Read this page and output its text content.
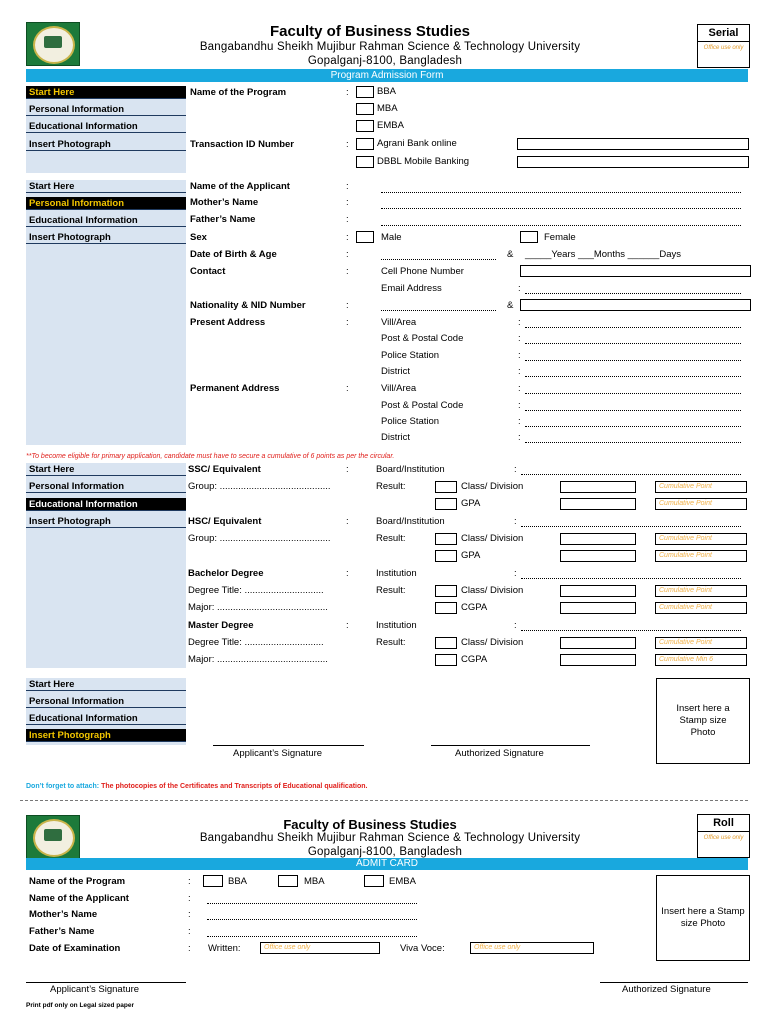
Faculty of Business Studies
Bangabandhu Sheikh Mujibur Rahman Science & Technology University
Gopalganj-8100, Bangladesh
Serial
Office use only
Program Admission Form
Start Here
Personal Information
Educational Information
Insert Photograph
Name of the Program	:	BBA
MBA
EMBA
Transaction ID Number	:	Agrani Bank online
DBBL Mobile Banking
Start Here
Personal Information
Educational Information
Insert Photograph
Name of the Applicant	:
Mother’s Name	:
Father’s Name	:
Sex	:	Male	Female
Date of Birth & Age	:	& _____Years ___Months ______Days
Contact	:	Cell Phone Number
Email Address	:
Nationality & NID Number	:	&
Present Address	:	Vill/Area	:
Post & Postal Code	:
Police Station	:
District	:
Permanent Address	:	Vill/Area	:
Post & Postal Code	:
Police Station	:
District	:
**To become eligible for primary application, candidate must have to secure a cumulative of 6 points as per the circular.
Start Here
Personal Information
Educational Information
Insert Photograph
SSC/ Equivalent	:	Board/Institution	:
Group: ..........................................	Result:	Class/ Division	Cumulative Point
GPA	Cumulative Point
HSC/ Equivalent	:	Board/Institution	:
Group: ..........................................	Result:	Class/ Division	Cumulative Point
GPA	Cumulative Point
Bachelor Degree	:	Institution	:
Degree Title: ..............................	Result:	Class/ Division	Cumulative Point
Major: ..........................................	CGPA	Cumulative Point
Master Degree	:	Institution	:
Degree Title: ..............................	Result:	Class/ Division	Cumulative Point
Major: ..........................................	CGPA	Cumulative Min 6
Start Here
Personal Information
Educational Information
Insert Photograph
Insert here a Stamp size Photo
Applicant’s Signature	Authorized Signature
Don’t forget to attach: The photocopies of the Certificates and Transcripts of Educational qualification.
Faculty of Business Studies
Bangabandhu Sheikh Mujibur Rahman Science & Technology University
Gopalganj-8100, Bangladesh
Roll
Office use only
ADMIT CARD
Name of the Program	:	BBA	MBA	EMBA
Name of the Applicant	:
Mother’s Name	:
Father’s Name	:
Date of Examination	: Written:	Office use only	Viva Voce:	Office use only
Insert here a Stamp size Photo
Applicant’s Signature	Authorized Signature
Print pdf only on Legal sized paper
